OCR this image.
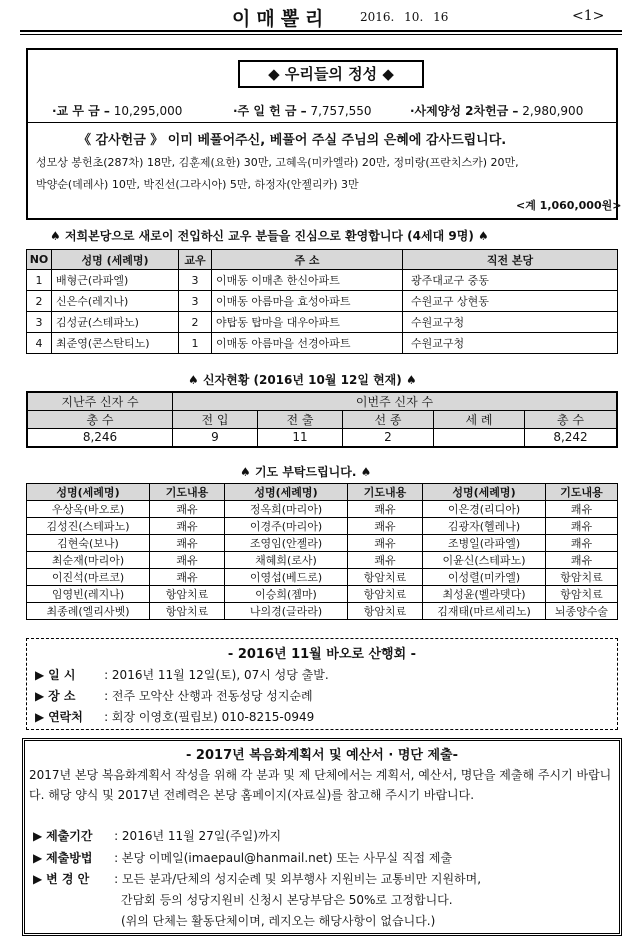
이매뽈리	2016. 10. 16	<1>
◆ 우리들의 정성 ◆
·교 무 금 – 10,295,000	·주 일 헌 금 – 7,757,550	·사제양성 2차헌금 – 2,980,900
《 감사헌금 》 이미 베풀어주신, 베풀어 주실 주님의 은혜에 감사드립니다.
성모상 봉헌초(287차) 18만, 김훈제(요한) 30만, 고혜옥(미카엘라) 20만, 정미랑(프란치스카) 20만,
박양순(데레사) 10만, 박진선(그라시아) 5만, 하정자(안젤리카) 3만
<계 1,060,000원>
♠ 저희본당으로 새로이 전입하신 교우 분들을 진심으로 환영합니다 (4세대 9명) ♠
NO	성명 (세례명)	교우	주 소	직전 본당
1	배형근(라파엘)	3	이매동 이매촌 한신아파트	광주대교구 중동
2	신은수(레지나)	3	이매동 아름마을 효성아파트	수원교구 상현동
3	김성균(스테파노)	2	야탑동 탑마을 대우아파트	수원교구청
4	최준영(콘스탄티노)	1	이매동 아름마을 선경아파트	수원교구청
♠ 신자현황 (2016년 10월 12일 현재) ♠
지난주 신자 수	이번주 신자 수				
총 수	전 입	전 출	선 종	세 례	총 수
8,246	9	11	2		8,242
♠ 기도 부탁드립니다. ♠
성명(세례명)	기도내용	성명(세례명)	기도내용	성명(세례명)	기도내용
우상옥(바오로)	쾌유	정옥희(마리아)	쾌유	이은경(리디아)	쾌유
김성진(스테파노)	쾌유	이경주(마리아)	쾌유	김광자(헬레나)	쾌유
김현숙(보나)	쾌유	조영임(안젤라)	쾌유	조병일(라파엘)	쾌유
최순재(마리아)	쾌유	채혜희(로사)	쾌유	이윤신(스테파노)	쾌유
이진석(마르코)	쾌유	이영섭(베드로)	항암치료	이성렬(미카엘)	항암치료
임영빈(레지나)	항암치료	이승희(젬마)	항암치료	최성윤(벨라뎃다)	항암치료
최종례(엘리사벳)	항암치료	나의경(글라라)	항암치료	김재태(마르세리노)	뇌종양수술
- 2016년 11월 바오로 산행회 -
▶ 일 시 : 2016년 11월 12일(토), 07시 성당 출발.
▶ 장 소 : 전주 모악산 산행과 전동성당 성지순례
▶ 연락처 : 회장 이영호(필립보) 010-8215-0949
- 2017년 복음화계획서 및 예산서 · 명단 제출-
2017년 본당 복음화계획서 작성을 위해 각 분과 및 제 단체에서는 계획서, 예산서, 명단을 제출해 주시기 바랍니다. 해당 양식 및 2017년 전례력은 본당 홈페이지(자료실)를 참고해 주시기 바랍니다.
▶ 제출기간 : 2016년 11월 27일(주일)까지
▶ 제출방법 : 본당 이메일(imaepaul@hanmail.net) 또는 사무실 직접 제출
▶ 변 경 안 : 모든 분과/단체의 성지순례 및 외부행사 지원비는 교통비만 지원하며,
간담회 등의 성당지원비 신청시 본당부담은 50%로 고정합니다.
(위의 단체는 활동단체이며, 레지오는 해당사항이 없습니다.)
